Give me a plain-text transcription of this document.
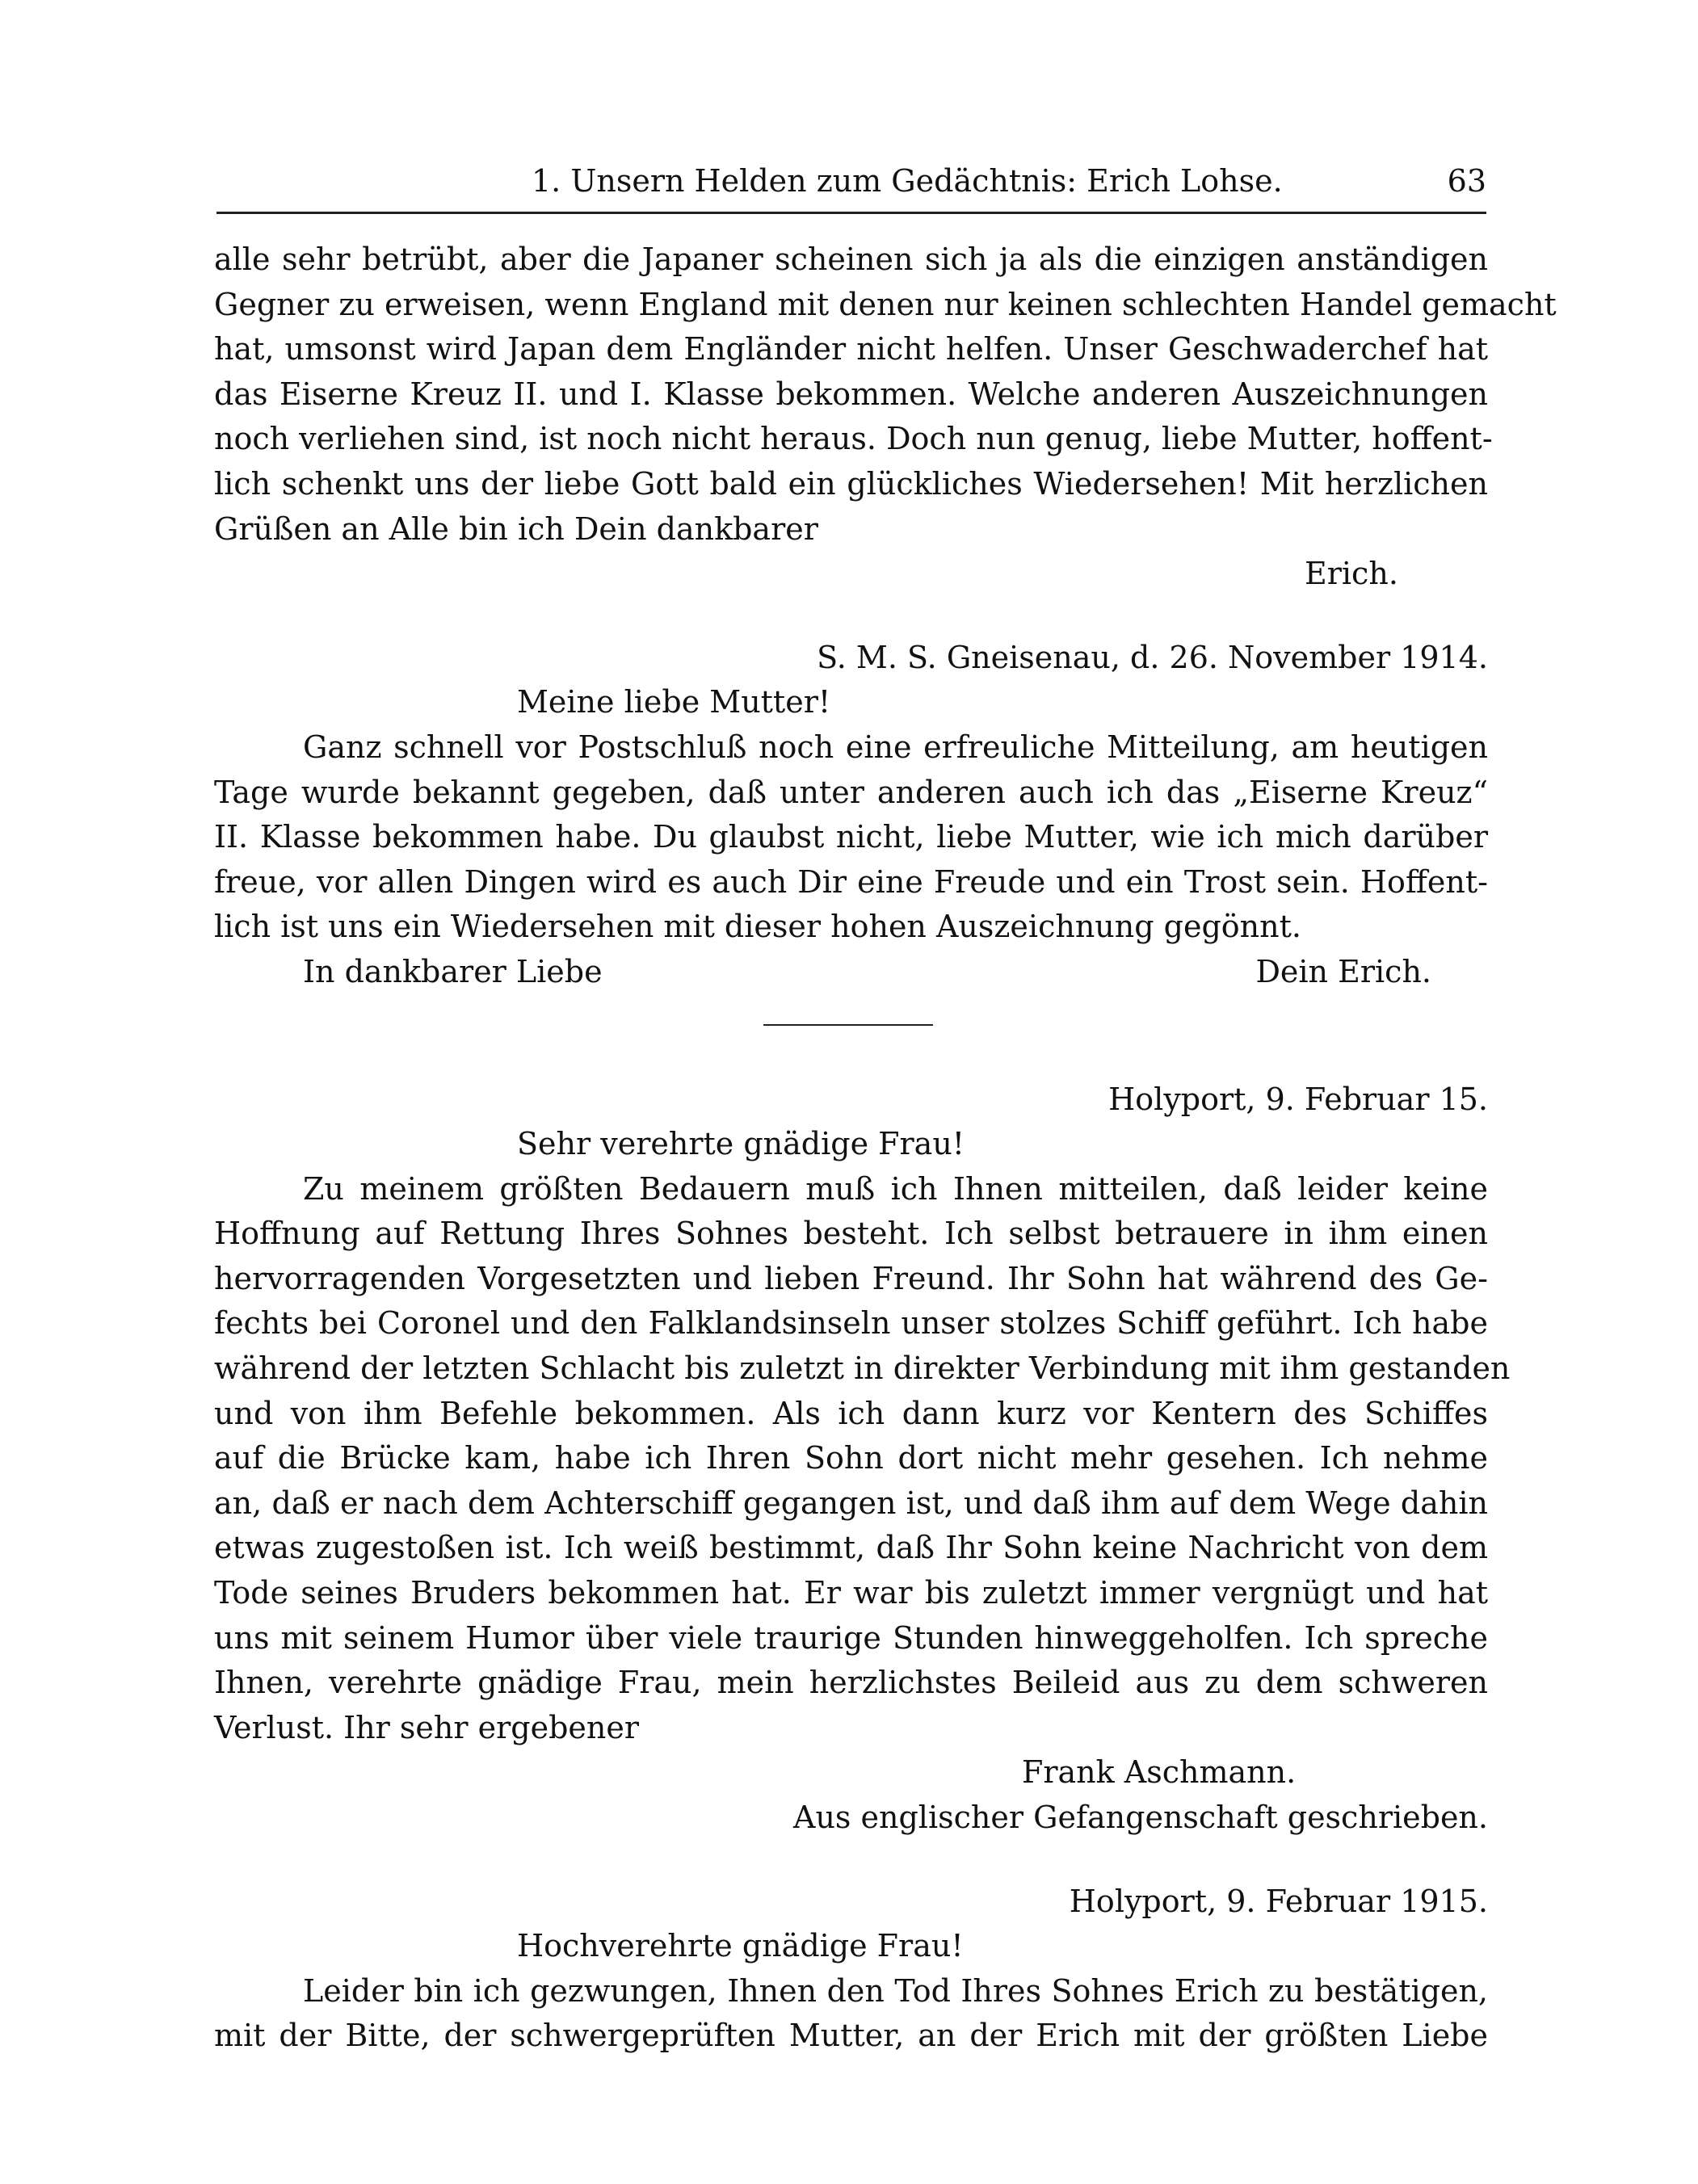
1. Unsern Helden zum Gedächtnis: Erich Lohse.	63

alle sehr betrübt, aber die Japaner scheinen sich ja als die einzigen anständigen

Gegner zu erweisen, wenn England mit denen nur keinen schlechten Handel gemacht

hat, umsonst wird Japan dem Engländer nicht helfen. Unser Geschwaderchef hat

das Eiserne Kreuz II. und I. Klasse bekommen. Welche anderen Auszeichnungen

noch verliehen sind, ist noch nicht heraus. Doch nun genug, liebe Mutter, hoffent-

lich schenkt uns der liebe Gott bald ein glückliches Wiedersehen! Mit herzlichen

Grüßen an Alle bin ich Dein dankbarer

Erich.

S. M. S. Gneisenau, d. 26. November 1914.

Meine liebe Mutter!

Ganz schnell vor Postschluß noch eine erfreuliche Mitteilung, am heutigen

Tage wurde bekannt gegeben, daß unter anderen auch ich das „Eiserne Kreuz“

II. Klasse bekommen habe. Du glaubst nicht, liebe Mutter, wie ich mich darüber

freue, vor allen Dingen wird es auch Dir eine Freude und ein Trost sein. Hoffent-

lich ist uns ein Wiedersehen mit dieser hohen Auszeichnung gegönnt.

In dankbarer Liebe	Dein Erich.

Holyport, 9. Februar 15.

Sehr verehrte gnädige Frau!

Zu meinem größten Bedauern muß ich Ihnen mitteilen, daß leider keine

Hoffnung auf Rettung Ihres Sohnes besteht. Ich selbst betrauere in ihm einen

hervorragenden Vorgesetzten und lieben Freund. Ihr Sohn hat während des Ge-

fechts bei Coronel und den Falklandsinseln unser stolzes Schiff geführt. Ich habe

während der letzten Schlacht bis zuletzt in direkter Verbindung mit ihm gestanden

und von ihm Befehle bekommen. Als ich dann kurz vor Kentern des Schiffes

auf die Brücke kam, habe ich Ihren Sohn dort nicht mehr gesehen. Ich nehme

an, daß er nach dem Achterschiff gegangen ist, und daß ihm auf dem Wege dahin

etwas zugestoßen ist. Ich weiß bestimmt, daß Ihr Sohn keine Nachricht von dem

Tode seines Bruders bekommen hat. Er war bis zuletzt immer vergnügt und hat

uns mit seinem Humor über viele traurige Stunden hinweggeholfen. Ich spreche

Ihnen, verehrte gnädige Frau, mein herzlichstes Beileid aus zu dem schweren

Verlust. Ihr sehr ergebener

Frank Aschmann.

Aus englischer Gefangenschaft geschrieben.

Holyport, 9. Februar 1915.

Hochverehrte gnädige Frau!

Leider bin ich gezwungen, Ihnen den Tod Ihres Sohnes Erich zu bestätigen,

mit der Bitte, der schwergeprüften Mutter, an der Erich mit der größten Liebe
